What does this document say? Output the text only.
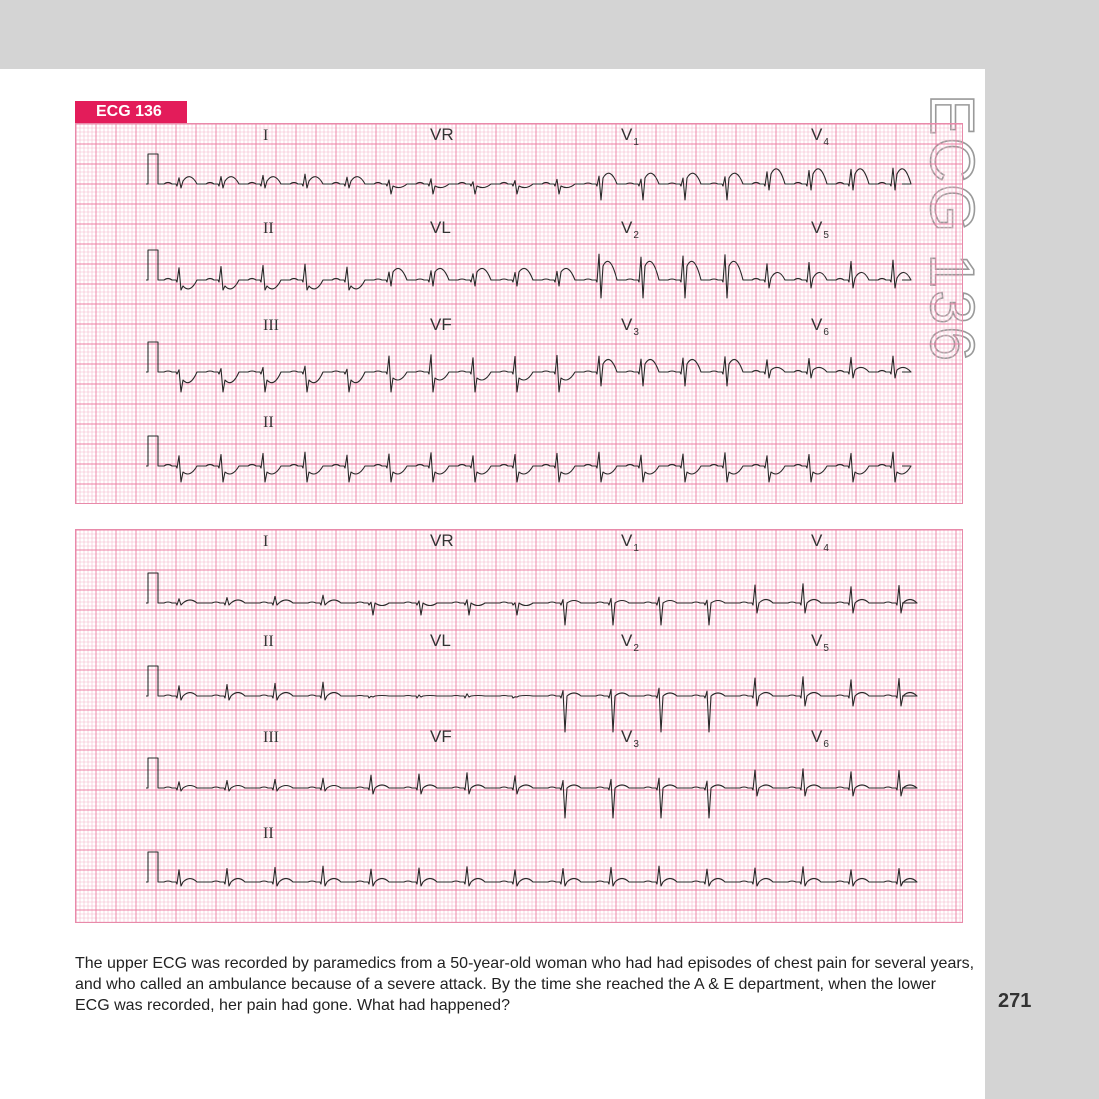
ECG 136
271
ECG 136
I	VR	$V_1$	$V_4$
II	VL	$V_2$	$V_5$
III	VF	$V_3$	$V_6$
II
I	VR	$V_1$	$V_4$
II	VL	$V_2$	$V_5$
III	VF	$V_3$	$V_6$
II

The upper ECG was recorded by paramedics from a 50-year-old woman who had had episodes of chest pain for several years, and who called an ambulance because of a severe attack. By the time she reached the A & E department, when the lower ECG was recorded, her pain had gone. What had happened?
